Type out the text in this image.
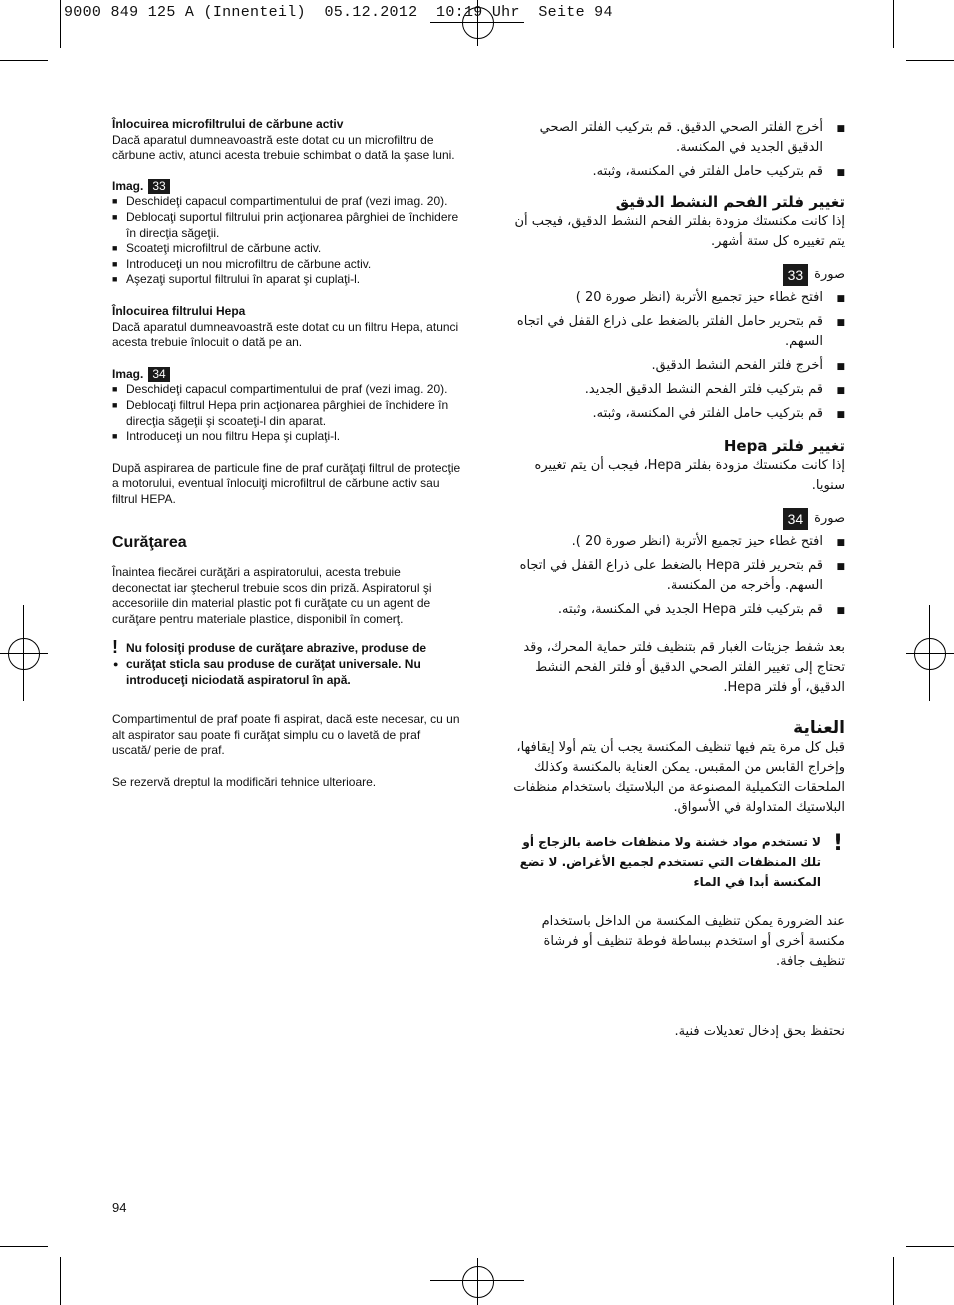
9000 849 125 A (Innenteil)  05.12.2012  10:19 Uhr  Seite 94

Înlocuirea microfiltrului de cărbune activ

Dacă aparatul dumneavoastră este dotat cu un microfiltru de cărbune activ, atunci acesta trebuie schimbat o dată la şase luni.

Imag. 33
■ Deschideţi capacul compartimentului de praf (vezi imag. 20).
■ Deblocaţi suportul filtrului prin acţionarea pârghiei de închidere în direcţia săgeţii.
■ Scoateţi microfiltrul de cărbune activ.
■ Introduceţi un nou microfiltru de cărbune activ.
■ Aşezaţi suportul filtrului în aparat şi cuplaţi-l.

Înlocuirea filtrului Hepa

Dacă aparatul dumneavoastră este dotat cu un filtru Hepa, atunci acesta trebuie înlocuit o dată pe an.

Imag. 34
■ Deschideţi capacul compartimentului de praf (vezi imag. 20).
■ Deblocaţi filtrul Hepa prin acţionarea pârghiei de închidere în direcţia săgeţii şi scoateţi-l din aparat.
■ Introduceţi un nou filtru Hepa şi cuplaţi-l.

După aspirarea de particule fine de praf curăţaţi filtrul de protecţie a motorului, eventual înlocuiţi microfiltrul de cărbune activ sau filtrul HEPA.

Curăţarea

Înaintea fiecărei curăţări a aspiratorului, acesta trebuie deconectat iar ştecherul trebuie scos din priză. Aspiratorul şi accesoriile din material plastic pot fi curăţate cu un agent de curăţare pentru materiale plastice, disponibil în comerţ.

!
●
Nu folosiţi produse de curăţare abrazive, produse de curăţat sticla sau produse de curăţat universale. Nu introduceţi niciodată aspiratorul în apă.

Compartimentul de praf poate fi aspirat, dacă este necesar, cu un alt aspirator sau poate fi curăţat simplu cu o lavetă de praf uscată/ perie de praf.

Se rezervă dreptul la modificări tehnice ulterioare.

■ أخرج الفلتر الصحي الدقيق. قم بتركيب الفلتر الصحي الدقيق الجديد في المكنسة.
■ قم بتركيب حامل الفلتر في المكنسة، وثبته.

تغيير فلتر الفحم النشط الدقيق

إذا كانت مكنستك مزودة بفلتر الفحم النشط الدقيق، فيجب أن يتم تغييره كل ستة أشهر.

صورة
33
■ افتح غطاء حيز تجميع الأتربة (انظر صورة 20 )
■ قم بتحرير حامل الفلتر بالضغط على ذراع القفل في اتجاه السهم.
■ أخرج فلتر الفحم النشط الدقيق.
■ قم بتركيب فلتر الفحم النشط الدقيق الجديد.
■ قم بتركيب حامل الفلتر في المكنسة، وثبته.

تغيير فلتر Hepa

إذا كانت مكنستك مزودة بفلتر Hepa، فيجب أن يتم تغييره سنويا.

صورة
34
■ افتح غطاء حيز تجميع الأتربة (انظر صورة 20 ).
■ قم بتحرير فلتر Hepa بالضغط على ذراع القفل في اتجاه السهم. وأخرجه من المكنسة.
■ قم بتركيب فلتر Hepa الجديد في المكنسة، وثبته.

بعد شفط جزيئات الغبار قم بتنظيف فلتر حماية المحرك، وقد تحتاج إلى تغيير الفلتر الصحي الدقيق أو فلتر الفحم النشط الدقيق، أو فلتر Hepa.

العناية

قبل كل مرة يتم فيها تنظيف المكنسة يجب أن يتم أولا إيقافها، وإخراج القابس من المقبس. يمكن العناية بالمكنسة وكذلك الملحقات التكميلية المصنوعة من البلاستيك باستخدام منظفات البلاستيك المتداولة في الأسواق.

!
لا تستخدم مواد خشنة ولا منظفات خاصة بالزجاج أو تلك المنظفات التي تستخدم لجميع الأغراض. لا تضع المكنسة أبدا في الماء

عند الضرورة يمكن تنظيف المكنسة من الداخل باستخدام مكنسة أخرى أو استخدم ببساطة فوطة تنظيف أو فرشاة تنظيف جافة.

نحتفظ بحق إدخال تعديلات فنية.

94
